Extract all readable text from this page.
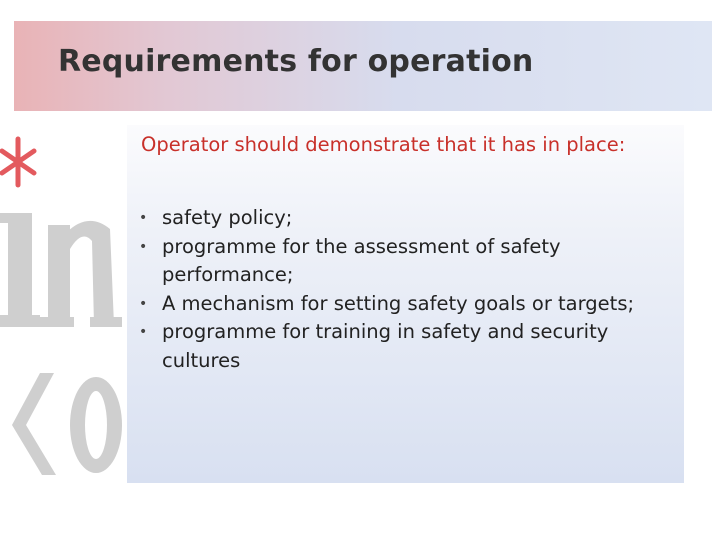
Requirements for operation
Operator should demonstrate that it has in place:
• safety policy;
• programme for the assessment of safety performance;
• A mechanism for setting safety goals or targets;
• programme for training in safety and security cultures
